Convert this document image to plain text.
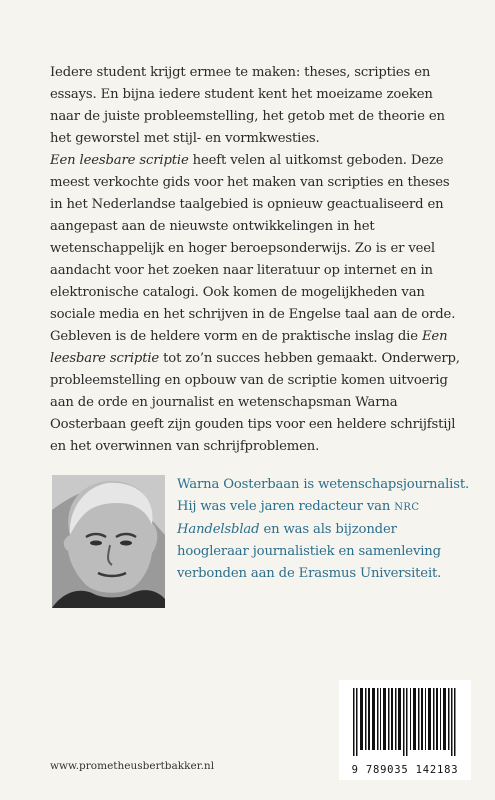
Iedere student krijgt ermee te maken: theses, scripties en essays. En bijna iedere student kent het moeizame zoeken naar de juiste probleemstelling, het getob met de theorie en het geworstel met stijl- en vormkwesties.

Een leesbare scriptie heeft velen al uitkomst geboden. Deze meest verkochte gids voor het maken van scripties en theses in het Nederlandse taalgebied is opnieuw geactualiseerd en aangepast aan de nieuwste ontwikkelingen in het wetenschappelijk en hoger beroepsonderwijs. Zo is er veel aandacht voor het zoeken naar literatuur op internet en in elektronische catalogi. Ook komen de mogelijkheden van sociale media en het schrijven in de Engelse taal aan de orde.

Gebleven is de heldere vorm en de praktische inslag die Een leesbare scriptie tot zo’n succes hebben gemaakt. Onderwerp, probleemstelling en opbouw van de scriptie komen uitvoerig aan de orde en journalist en wetenschapsman Warna Oosterbaan geeft zijn gouden tips voor een heldere schrijfstijl en het overwinnen van schrijfproblemen.

Warna Oosterbaan is wetenschapsjournalist. Hij was vele jaren redacteur van NRC Handelsblad en was als bijzonder hoogleraar journalistiek en samenleving verbonden aan de Erasmus Universiteit.

www.prometheusbertbakker.nl	9 789035 142183
